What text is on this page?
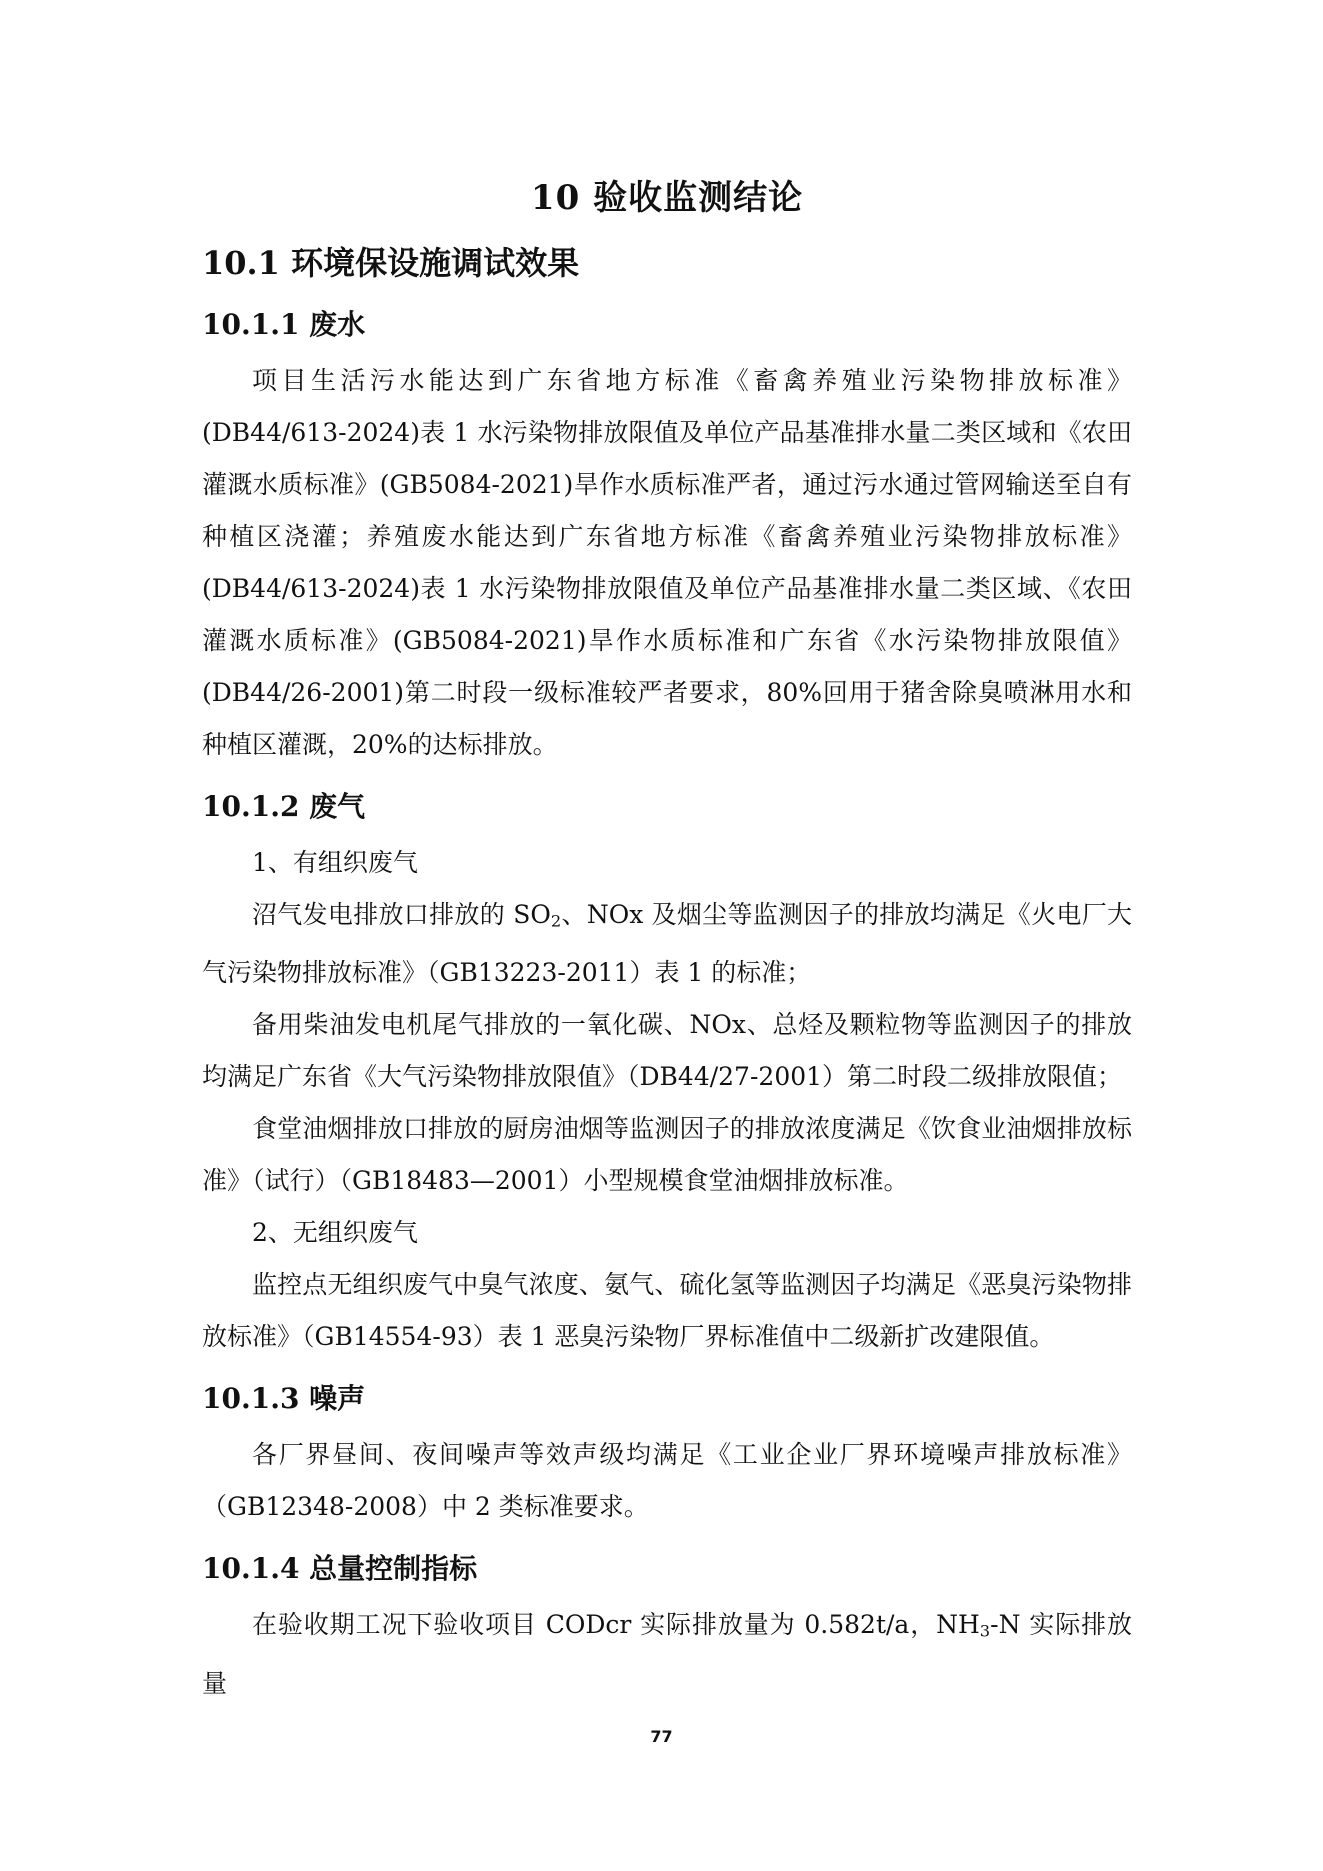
10 验收监测结论
10.1 环境保设施调试效果
10.1.1 废水

项目生活污水能达到广东省地方标准《畜禽养殖业污染物排放标准》(DB44/613-2024)表 1 水污染物排放限值及单位产品基准排水量二类区域和《农田灌溉水质标准》(GB5084-2021)旱作水质标准严者，通过污水通过管网输送至自有种植区浇灌；养殖废水能达到广东省地方标准《畜禽养殖业污染物排放标准》(DB44/613-2024)表 1 水污染物排放限值及单位产品基准排水量二类区域、《农田灌溉水质标准》(GB5084-2021)旱作水质标准和广东省《水污染物排放限值》(DB44/26-2001)第二时段一级标准较严者要求，80%回用于猪舍除臭喷淋用水和种植区灌溉，20%的达标排放。

10.1.2 废气

1、有组织废气

沼气发电排放口排放的 $SO_2$、NOx 及烟尘等监测因子的排放均满足《火电厂大气污染物排放标准》（GB13223-2011）表 1 的标准；

备用柴油发电机尾气排放的一氧化碳、NOx、总烃及颗粒物等监测因子的排放均满足广东省《大气污染物排放限值》（DB44/27-2001）第二时段二级排放限值；

食堂油烟排放口排放的厨房油烟等监测因子的排放浓度满足《饮食业油烟排放标准》（试行）（GB18483—2001）小型规模食堂油烟排放标准。

2、无组织废气

监控点无组织废气中臭气浓度、氨气、硫化氢等监测因子均满足《恶臭污染物排放标准》（GB14554-93）表 1 恶臭污染物厂界标准值中二级新扩改建限值。

10.1.3 噪声

各厂界昼间、夜间噪声等效声级均满足《工业企业厂界环境噪声排放标准》（GB12348-2008）中 2 类标准要求。

10.1.4 总量控制指标

在验收期工况下验收项目 CODcr 实际排放量为 0.582t/a，$NH_3-N$ 实际排放量

77
